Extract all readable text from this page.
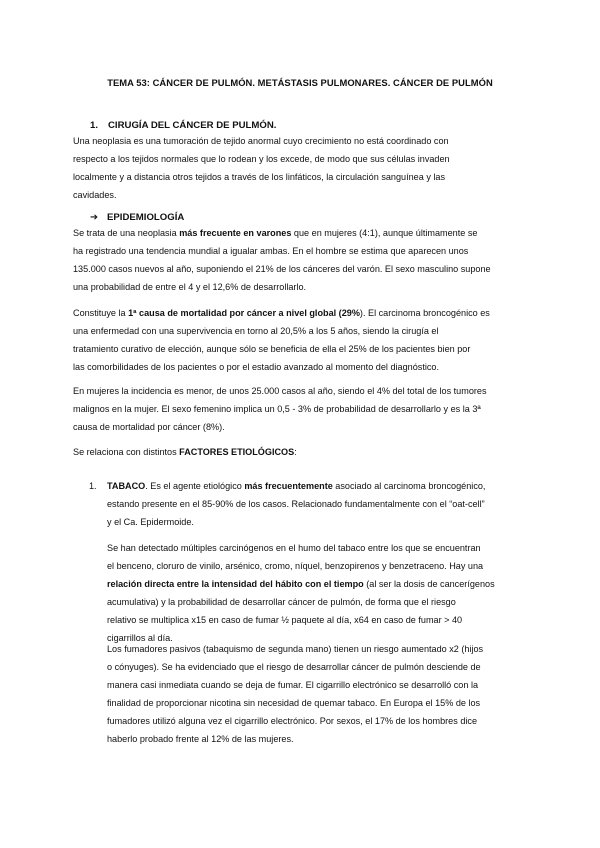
TEMA 53: CÁNCER DE PULMÓN. METÁSTASIS PULMONARES. CÁNCER DE PULMÓN
1. CIRUGÍA DEL CÁNCER DE PULMÓN.

Una neoplasia es una tumoración de tejido anormal cuyo crecimiento no está coordinado con
respecto a los tejidos normales que lo rodean y los excede, de modo que sus células invaden
localmente y a distancia otros tejidos a través de los linfáticos, la circulación sanguínea y las
cavidades.

➔ EPIDEMIOLOGÍA

Se trata de una neoplasia más frecuente en varones que en mujeres (4:1), aunque últimamente se
ha registrado una tendencia mundial a igualar ambas. En el hombre se estima que aparecen unos
135.000 casos nuevos al año, suponiendo el 21% de los cánceres del varón. El sexo masculino supone
una probabilidad de entre el 4 y el 12,6% de desarrollarlo.

Constituye la 1ª causa de mortalidad por cáncer a nivel global (29%). El carcinoma broncogénico es
una enfermedad con una supervivencia en torno al 20,5% a los 5 años, siendo la cirugía el
tratamiento curativo de elección, aunque sólo se beneficia de ella el 25% de los pacientes bien por
las comorbilidades de los pacientes o por el estadio avanzado al momento del diagnóstico.

En mujeres la incidencia es menor, de unos 25.000 casos al año, siendo el 4% del total de los tumores
malignos en la mujer. El sexo femenino implica un 0,5 - 3% de probabilidad de desarrollarlo y es la 3ª
causa de mortalidad por cáncer (8%).

Se relaciona con distintos FACTORES ETIOLÓGICOS:

1. TABACO. Es el agente etiológico más frecuentemente asociado al carcinoma broncogénico,
estando presente en el 85-90% de los casos. Relacionado fundamentalmente con el “oat-cell”
y el Ca. Epidermoide.

Se han detectado múltiples carcinógenos en el humo del tabaco entre los que se encuentran
el benceno, cloruro de vinilo, arsénico, cromo, níquel, benzopirenos y benzetraceno. Hay una
relación directa entre la intensidad del hábito con el tiempo (al ser la dosis de cancerígenos
acumulativa) y la probabilidad de desarrollar cáncer de pulmón, de forma que el riesgo
relativo se multiplica x15 en caso de fumar ½ paquete al día, x64 en caso de fumar > 40
cigarrillos al día.

Los fumadores pasivos (tabaquismo de segunda mano) tienen un riesgo aumentado x2 (hijos
o cónyuges). Se ha evidenciado que el riesgo de desarrollar cáncer de pulmón desciende de
manera casi inmediata cuando se deja de fumar. El cigarrillo electrónico se desarrolló con la
finalidad de proporcionar nicotina sin necesidad de quemar tabaco. En Europa el 15% de los
fumadores utilizó alguna vez el cigarrillo electrónico. Por sexos, el 17% de los hombres dice
haberlo probado frente al 12% de las mujeres.
